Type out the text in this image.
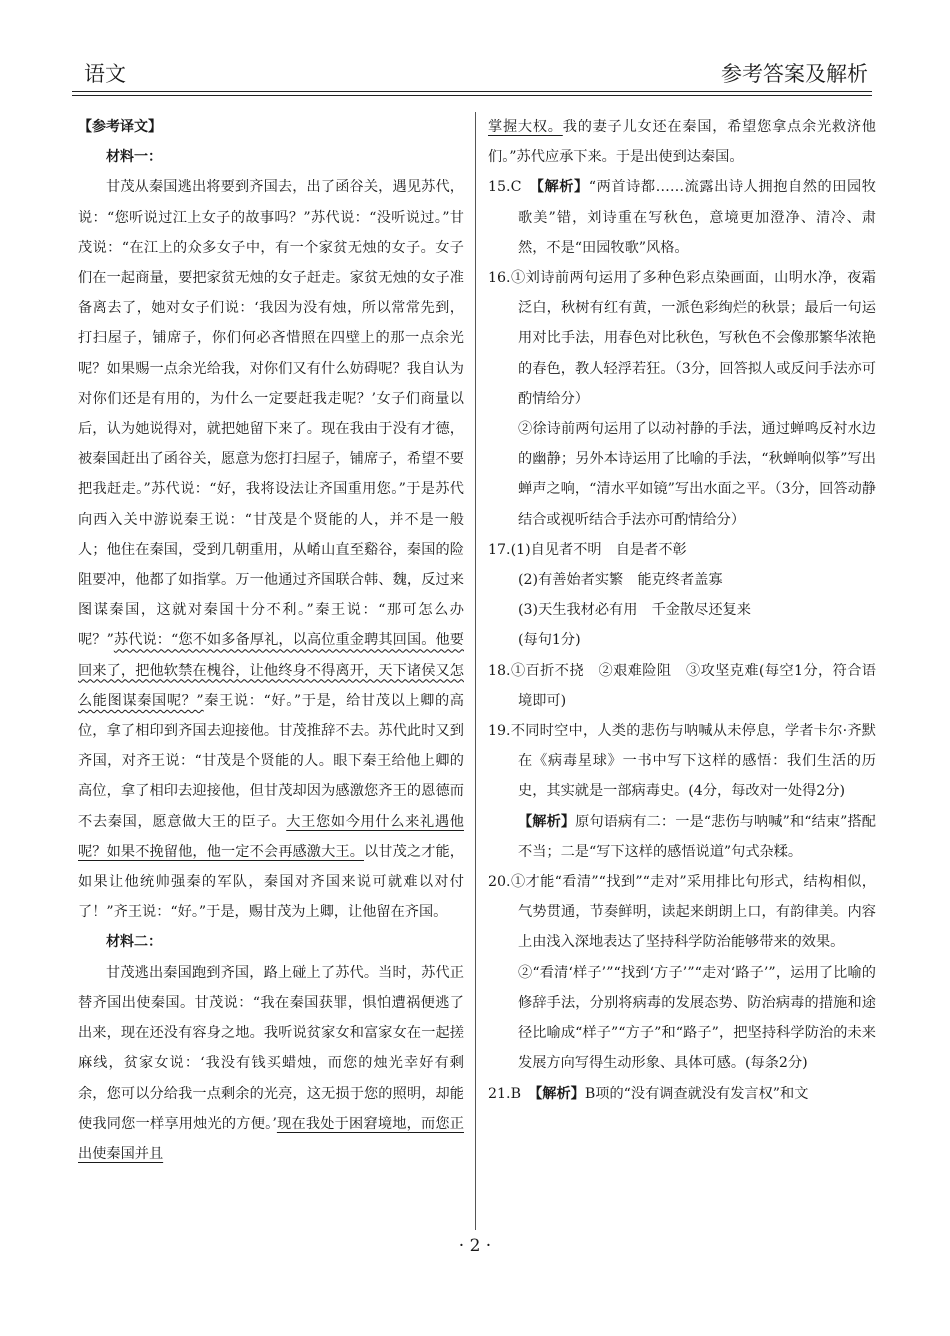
语文	参考答案及解析

【参考译文】

材料一：

甘茂从秦国逃出将要到齐国去，出了函谷关，遇见苏代，说：“您听说过江上女子的故事吗？”苏代说：“没听说过。”甘茂说：“在江上的众多女子中，有一个家贫无烛的女子。女子们在一起商量，要把家贫无烛的女子赶走。家贫无烛的女子准备离去了，她对女子们说：‘我因为没有烛，所以常常先到，打扫屋子，铺席子，你们何必吝惜照在四壁上的那一点余光呢？如果赐一点余光给我，对你们又有什么妨碍呢？我自认为对你们还是有用的，为什么一定要赶我走呢？’女子们商量以后，认为她说得对，就把她留下来了。现在我由于没有才德，被秦国赶出了函谷关，愿意为您打扫屋子，铺席子，希望不要把我赶走。”苏代说：“好，我将设法让齐国重用您。”于是苏代向西入关中游说秦王说：“甘茂是个贤能的人，并不是一般人；他住在秦国，受到几朝重用，从崤山直至谿谷，秦国的险阻要冲，他都了如指掌。万一他通过齐国联合韩、魏，反过来图谋秦国，这就对秦国十分不利。”秦王说：“那可怎么办呢？”苏代说：“您不如多备厚礼，以高位重金聘其回国。他要回来了，把他软禁在槐谷，让他终身不得离开，天下诸侯又怎么能图谋秦国呢？”秦王说：“好。”于是，给甘茂以上卿的高位，拿了相印到齐国去迎接他。甘茂推辞不去。苏代此时又到齐国，对齐王说：“甘茂是个贤能的人。眼下秦王给他上卿的高位，拿了相印去迎接他，但甘茂却因为感激您齐王的恩德而不去秦国，愿意做大王的臣子。大王您如今用什么来礼遇他呢？如果不挽留他，他一定不会再感激大王。以甘茂之才能，如果让他统帅强秦的军队，秦国对齐国来说可就难以对付了！”齐王说：“好。”于是，赐甘茂为上卿，让他留在齐国。

材料二：

甘茂逃出秦国跑到齐国，路上碰上了苏代。当时，苏代正替齐国出使秦国。甘茂说：“我在秦国获罪，惧怕遭祸便逃了出来，现在还没有容身之地。我听说贫家女和富家女在一起搓麻线，贫家女说：‘我没有钱买蜡烛，而您的烛光幸好有剩余，您可以分给我一点剩余的光亮，这无损于您的照明，却能使我同您一样享用烛光的方便。’现在我处于困窘境地，而您正出使秦国并且

掌握大权。我的妻子儿女还在秦国，希望您拿点余光救济他们。”苏代应承下来。于是出使到达秦国。

15.C　 【解析】“两首诗都……流露出诗人拥抱自然的田园牧歌美”错，刘诗重在写秋色，意境更加澄净、清冷、肃然，不是“田园牧歌”风格。

16.①刘诗前两句运用了多种色彩点染画面，山明水净，夜霜泛白，秋树有红有黄，一派色彩绚烂的秋景；最后一句运用对比手法，用春色对比秋色，写秋色不会像那繁华浓艳的春色，教人轻浮若狂。（3分，回答拟人或反问手法亦可酌情给分）

②徐诗前两句运用了以动衬静的手法，通过蝉鸣反衬水边的幽静；另外本诗运用了比喻的手法，“秋蝉响似筝”写出蝉声之响，“清水平如镜”写出水面之平。（3分，回答动静结合或视听结合手法亦可酌情给分）

17.(1)自见者不明　自是者不彰

(2)有善始者实繁　能克终者盖寡

(3)天生我材必有用　千金散尽还复来

(每句1分)

18.①百折不挠　②艰难险阻　③攻坚克难(每空1分，符合语境即可)

19.不同时空中，人类的悲伤与呐喊从未停息，学者卡尔·齐默在《病毒星球》一书中写下这样的感悟：我们生活的历史，其实就是一部病毒史。(4分，每改对一处得2分)

【解析】原句语病有二：一是“悲伤与呐喊”和“结束”搭配不当；二是“写下这样的感悟说道”句式杂糅。

20.①才能“看清”“找到”“走对”采用排比句形式，结构相似，气势贯通，节奏鲜明，读起来朗朗上口，有韵律美。内容上由浅入深地表达了坚持科学防治能够带来的效果。

②“看清‘样子’”“找到‘方子’”“走对‘路子’”，运用了比喻的修辞手法，分别将病毒的发展态势、防治病毒的措施和途径比喻成“样子”“方子”和“路子”，把坚持科学防治的未来发展方向写得生动形象、具体可感。(每条2分)

21.B　 【解析】B项的“没有调查就没有发言权”和文

· 2 ·
